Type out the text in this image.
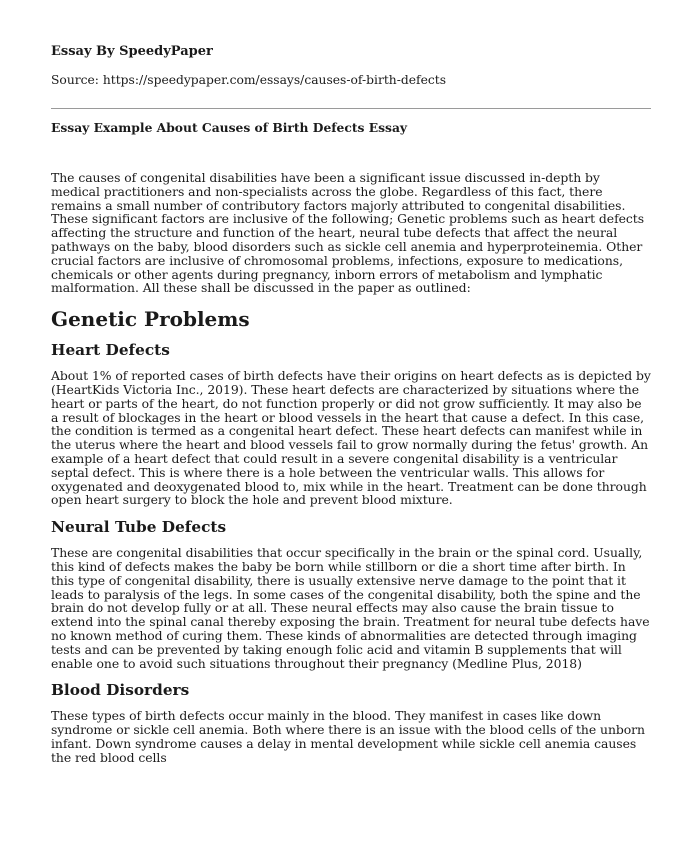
Essay By SpeedyPaper

Source: https://speedypaper.com/essays/causes-of-birth-defects

Essay Example About Causes of Birth Defects Essay

The causes of congenital disabilities have been a significant issue discussed in-depth by medical practitioners and non-specialists across the globe. Regardless of this fact, there remains a small number of contributory factors majorly attributed to congenital disabilities. These significant factors are inclusive of the following; Genetic problems such as heart defects affecting the structure and function of the heart, neural tube defects that affect the neural pathways on the baby, blood disorders such as sickle cell anemia and hyperproteinemia. Other crucial factors are inclusive of chromosomal problems, infections, exposure to medications, chemicals or other agents during pregnancy, inborn errors of metabolism and lymphatic malformation. All these shall be discussed in the paper as outlined:

Genetic Problems
Heart Defects

About 1% of reported cases of birth defects have their origins on heart defects as is depicted by (HeartKids Victoria Inc., 2019). These heart defects are characterized by situations where the heart or parts of the heart, do not function properly or did not grow sufficiently. It may also be a result of blockages in the heart or blood vessels in the heart that cause a defect. In this case, the condition is termed as a congenital heart defect. These heart defects can manifest while in the uterus where the heart and blood vessels fail to grow normally during the fetus' growth. An example of a heart defect that could result in a severe congenital disability is a ventricular septal defect. This is where there is a hole between the ventricular walls. This allows for oxygenated and deoxygenated blood to, mix while in the heart. Treatment can be done through open heart surgery to block the hole and prevent blood mixture.

Neural Tube Defects

These are congenital disabilities that occur specifically in the brain or the spinal cord. Usually, this kind of defects makes the baby be born while stillborn or die a short time after birth. In this type of congenital disability, there is usually extensive nerve damage to the point that it leads to paralysis of the legs. In some cases of the congenital disability, both the spine and the brain do not develop fully or at all. These neural effects may also cause the brain tissue to extend into the spinal canal thereby exposing the brain. Treatment for neural tube defects have no known method of curing them. These kinds of abnormalities are detected through imaging tests and can be prevented by taking enough folic acid and vitamin B supplements that will enable one to avoid such situations throughout their pregnancy (Medline Plus, 2018)

Blood Disorders

These types of birth defects occur mainly in the blood. They manifest in cases like down syndrome or sickle cell anemia. Both where there is an issue with the blood cells of the unborn infant. Down syndrome causes a delay in mental development while sickle cell anemia causes the red blood cells
